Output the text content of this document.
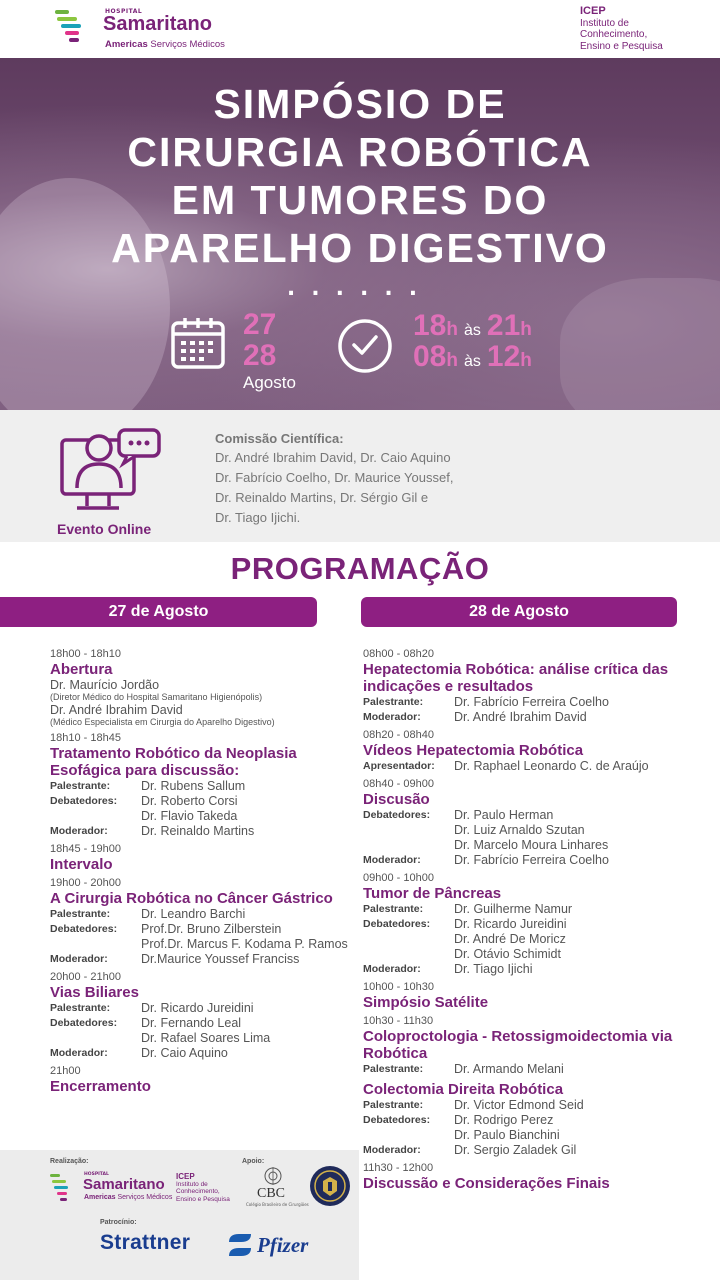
HOSPITAL
Samaritano
Americas Serviços Médicos
ICEP
Instituto de
Conhecimento,
Ensino e Pesquisa
SIMPÓSIO DE
CIRURGIA ROBÓTICA
EM TUMORES DO
APARELHO DIGESTIVO
......
27
28
Agosto
18h às 21h
08h às 12h
Evento Online
Comissão Científica:
Dr. André Ibrahim David, Dr. Caio Aquino
Dr. Fabrício Coelho, Dr. Maurice Youssef,
Dr. Reinaldo Martins, Dr. Sérgio Gil e
Dr. Tiago Ijichi.
PROGRAMAÇÃO
27 de Agosto	28 de Agosto
18h00 - 18h10
Abertura
Dr. Maurício Jordão
(Diretor Médico do Hospital Samaritano Higienópolis)
Dr. André Ibrahim David
(Médico Especialista em Cirurgia do Aparelho Digestivo)
18h10 - 18h45
Tratamento Robótico da Neoplasia Esofágica para discussão:
Palestrante:	Dr. Rubens Sallum
Debatedores:	Dr. Roberto Corsi
Dr. Flavio Takeda
Moderador:	Dr. Reinaldo Martins
18h45 - 19h00
Intervalo
19h00 - 20h00
A Cirurgia Robótica no Câncer Gástrico
Palestrante:	Dr. Leandro Barchi
Debatedores:	Prof.Dr. Bruno Zilberstein
Prof.Dr. Marcus F. Kodama P. Ramos
Moderador:	Dr.Maurice Youssef Franciss
20h00 - 21h00
Vias Biliares
Palestrante:	Dr. Ricardo Jureidini
Debatedores:	Dr. Fernando Leal
Dr. Rafael Soares Lima
Moderador:	Dr. Caio Aquino
21h00
Encerramento
08h00 - 08h20
Hepatectomia Robótica: análise crítica das indicações e resultados
Palestrante:	Dr. Fabrício Ferreira Coelho
Moderador:	Dr. André Ibrahim David
08h20 - 08h40
Vídeos Hepatectomia Robótica
Apresentador:	Dr. Raphael Leonardo C. de Araújo
08h40 - 09h00
Discusão
Debatedores:	Dr. Paulo Herman
Dr. Luiz Arnaldo Szutan
Dr. Marcelo Moura Linhares
Moderador:	Dr. Fabrício Ferreira Coelho
09h00 - 10h00
Tumor de Pâncreas
Palestrante:	Dr. Guilherme Namur
Debatedores:	Dr. Ricardo Jureidini
Dr. André De Moricz
Dr. Otávio Schimidt
Moderador:	Dr. Tiago Ijichi
10h00 - 10h30
Simpósio Satélite
10h30 - 11h30
Coloproctologia - Retossigmoidectomia via Robótica
Palestrante:	Dr. Armando Melani
Colectomia Direita Robótica
Palestrante:	Dr. Victor Edmond Seid
Debatedores:	Dr. Rodrigo Perez
Dr. Paulo Bianchini
Moderador:	Dr. Sergio Zaladek Gil
11h30 - 12h00
Discussão e Considerações Finais
Realização:	Apoio:
Patrocínio:
HOSPITAL
Samaritano
Americas Serviços Médicos
ICEP
Instituto de
Conhecimento,
Ensino e Pesquisa CBC
Colégio Brasileiro de Cirurgiões
Strattner	Pfizer
